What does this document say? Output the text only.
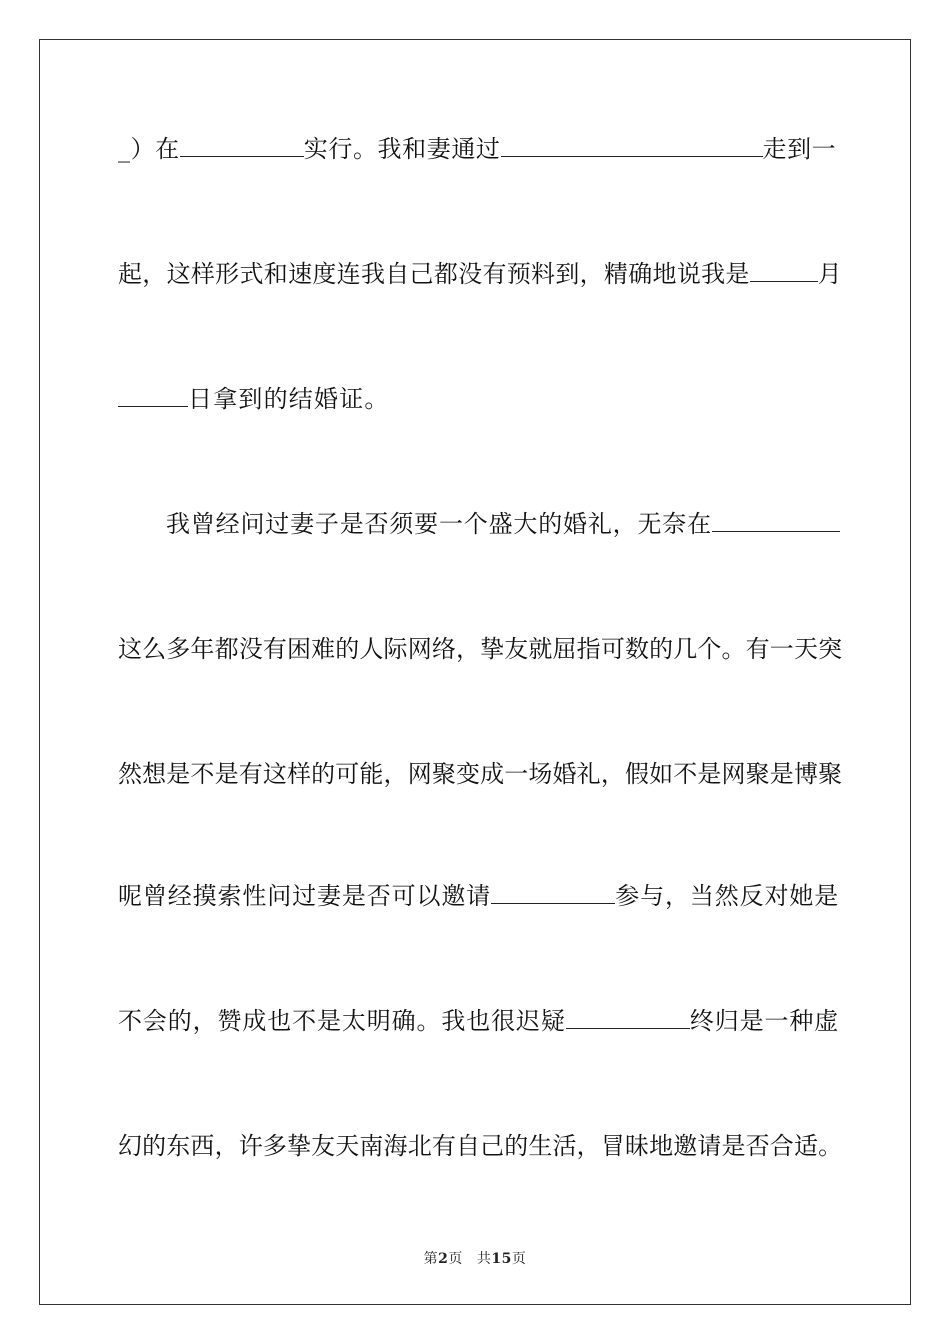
_）在	实行。我和妻通过	走到一
起，这样形式和速度连我自己都没有预料到，精确地说我是	月
日拿到的结婚证。
我曾经问过妻子是否须要一个盛大的婚礼，无奈在
这么多年都没有困难的人际网络，挚友就屈指可数的几个。有一天突
然想是不是有这样的可能，网聚变成一场婚礼，假如不是网聚是博聚
呢曾经摸索性问过妻是否可以邀请	参与，当然反对她是
不会的，赞成也不是太明确。我也很迟疑	终归是一种虚
幻的东西，许多挚友天南海北有自己的生活，冒昧地邀请是否合适。
第2页 共15页
